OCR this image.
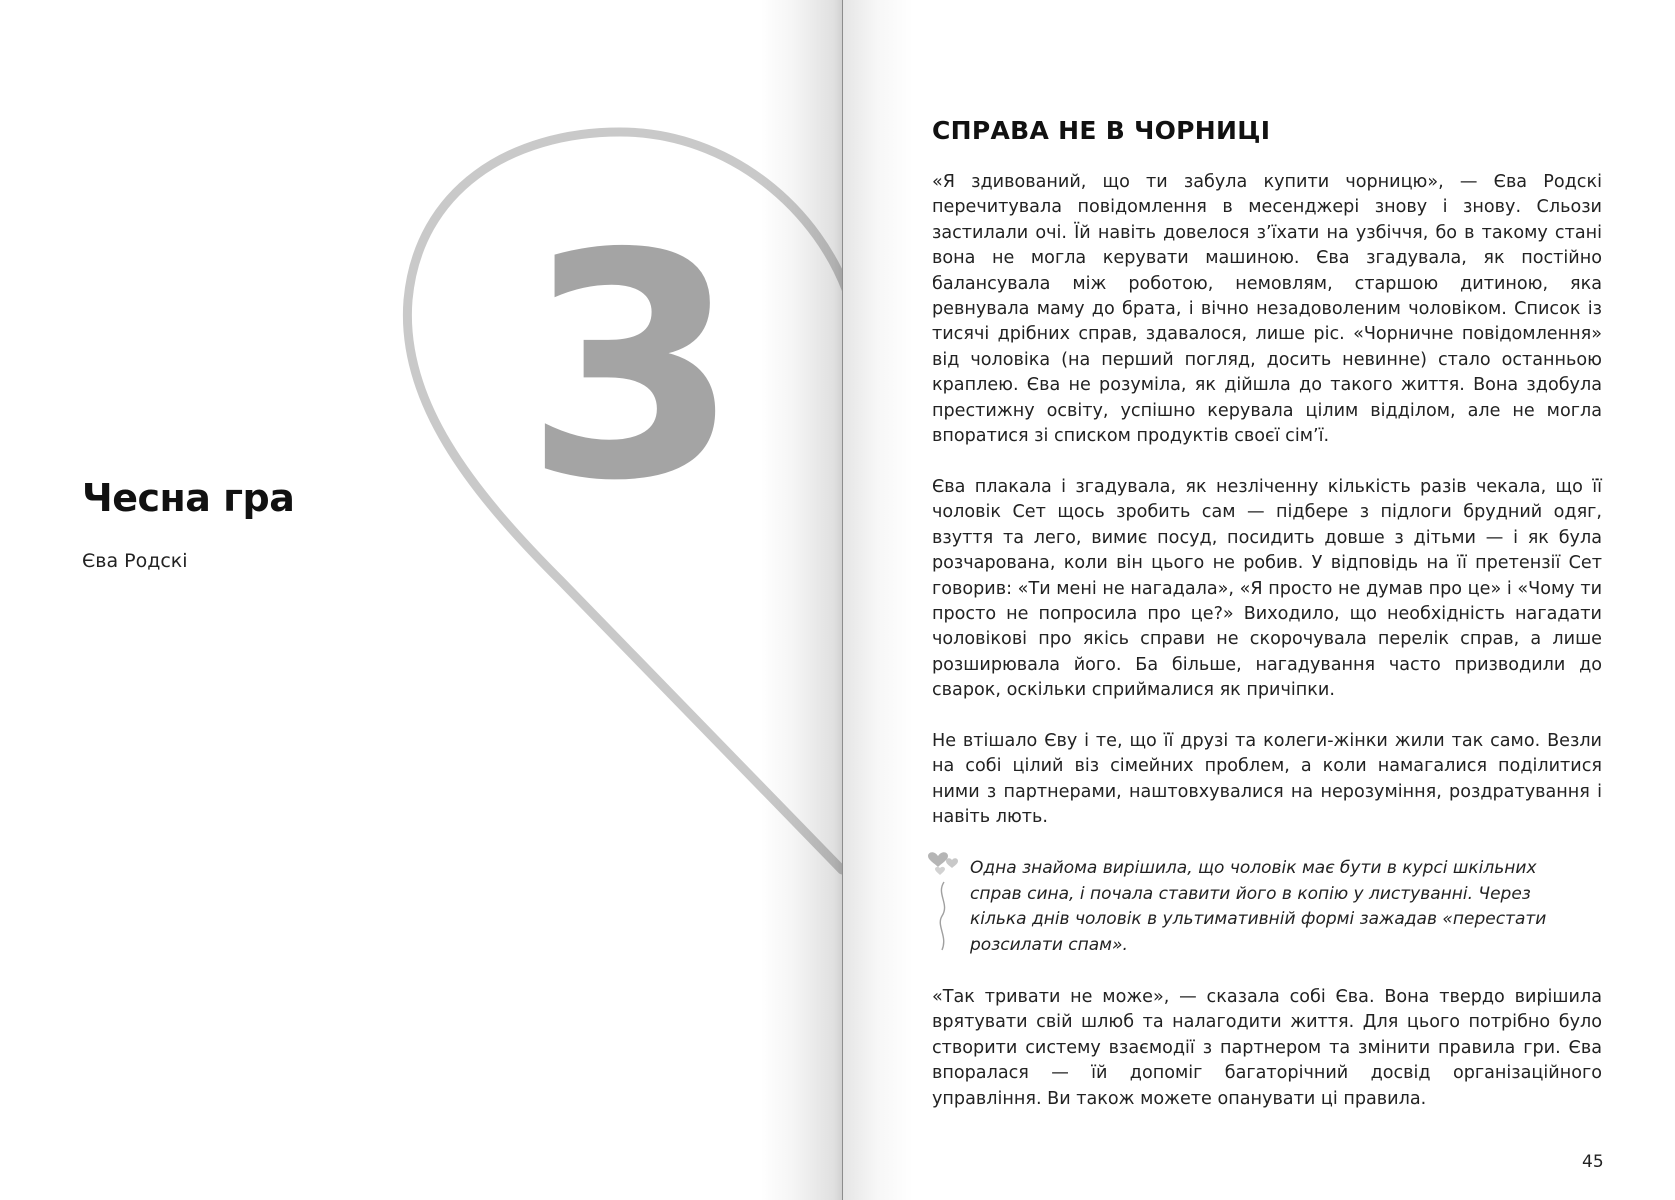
3
Чесна гра

Єва Родскі

СПРАВА НЕ В ЧОРНИЦІ

«Я здивований, що ти забула купити чорницю», — Єва Родскі перечитувала повідомлення в месенджері знову і знову. Сльози застилали очі. Їй навіть довелося з’їхати на узбіччя, бо в такому стані вона не могла керувати машиною. Єва згадувала, як постійно балансувала між роботою, немовлям, старшою дитиною, яка ревнувала маму до брата, і вічно незадоволеним чоловіком. Список із тисячі дрібних справ, здавалося, лише ріс. «Чорничне повідомлення» від чоловіка (на перший погляд, досить невинне) стало останньою краплею. Єва не розуміла, як дійшла до такого життя. Вона здобула престижну освіту, успішно керувала цілим відділом, але не могла впоратися зі списком продуктів своєї сім’ї.

Єва плакала і згадувала, як незліченну кількість разів чекала, що її чоловік Сет щось зробить сам — підбере з підлоги брудний одяг, взуття та лего, вимиє посуд, посидить довше з дітьми — і як була розчарована, коли він цього не робив. У відповідь на її претензії Сет говорив: «Ти мені не нагадала», «Я просто не думав про це» і «Чому ти просто не попросила про це?» Виходило, що необхідність нагадати чоловікові про якісь справи не скорочувала перелік справ, а лише розширювала його. Ба більше, нагадування часто призводили до сварок, оскільки сприймалися як причіпки.

Не втішало Єву і те, що її друзі та колеги-жінки жили так само. Везли на собі цілий віз сімейних проблем, а коли намагалися поділитися ними з партнерами, наштовхувалися на нерозуміння, роздратування і навіть лють.

Одна знайома вирішила, що чоловік має бути в курсі шкільних справ сина, і почала ставити його в копію у листуванні. Через кілька днів чоловік в ультимативній формі зажадав «перестати розсилати спам».

«Так тривати не може», — сказала собі Єва. Вона твердо вирішила врятувати свій шлюб та налагодити життя. Для цього потрібно було створити систему взаємодії з партнером та змінити правила гри. Єва впоралася — їй допоміг багаторічний досвід організаційного управління. Ви також можете опанувати ці правила.

45
